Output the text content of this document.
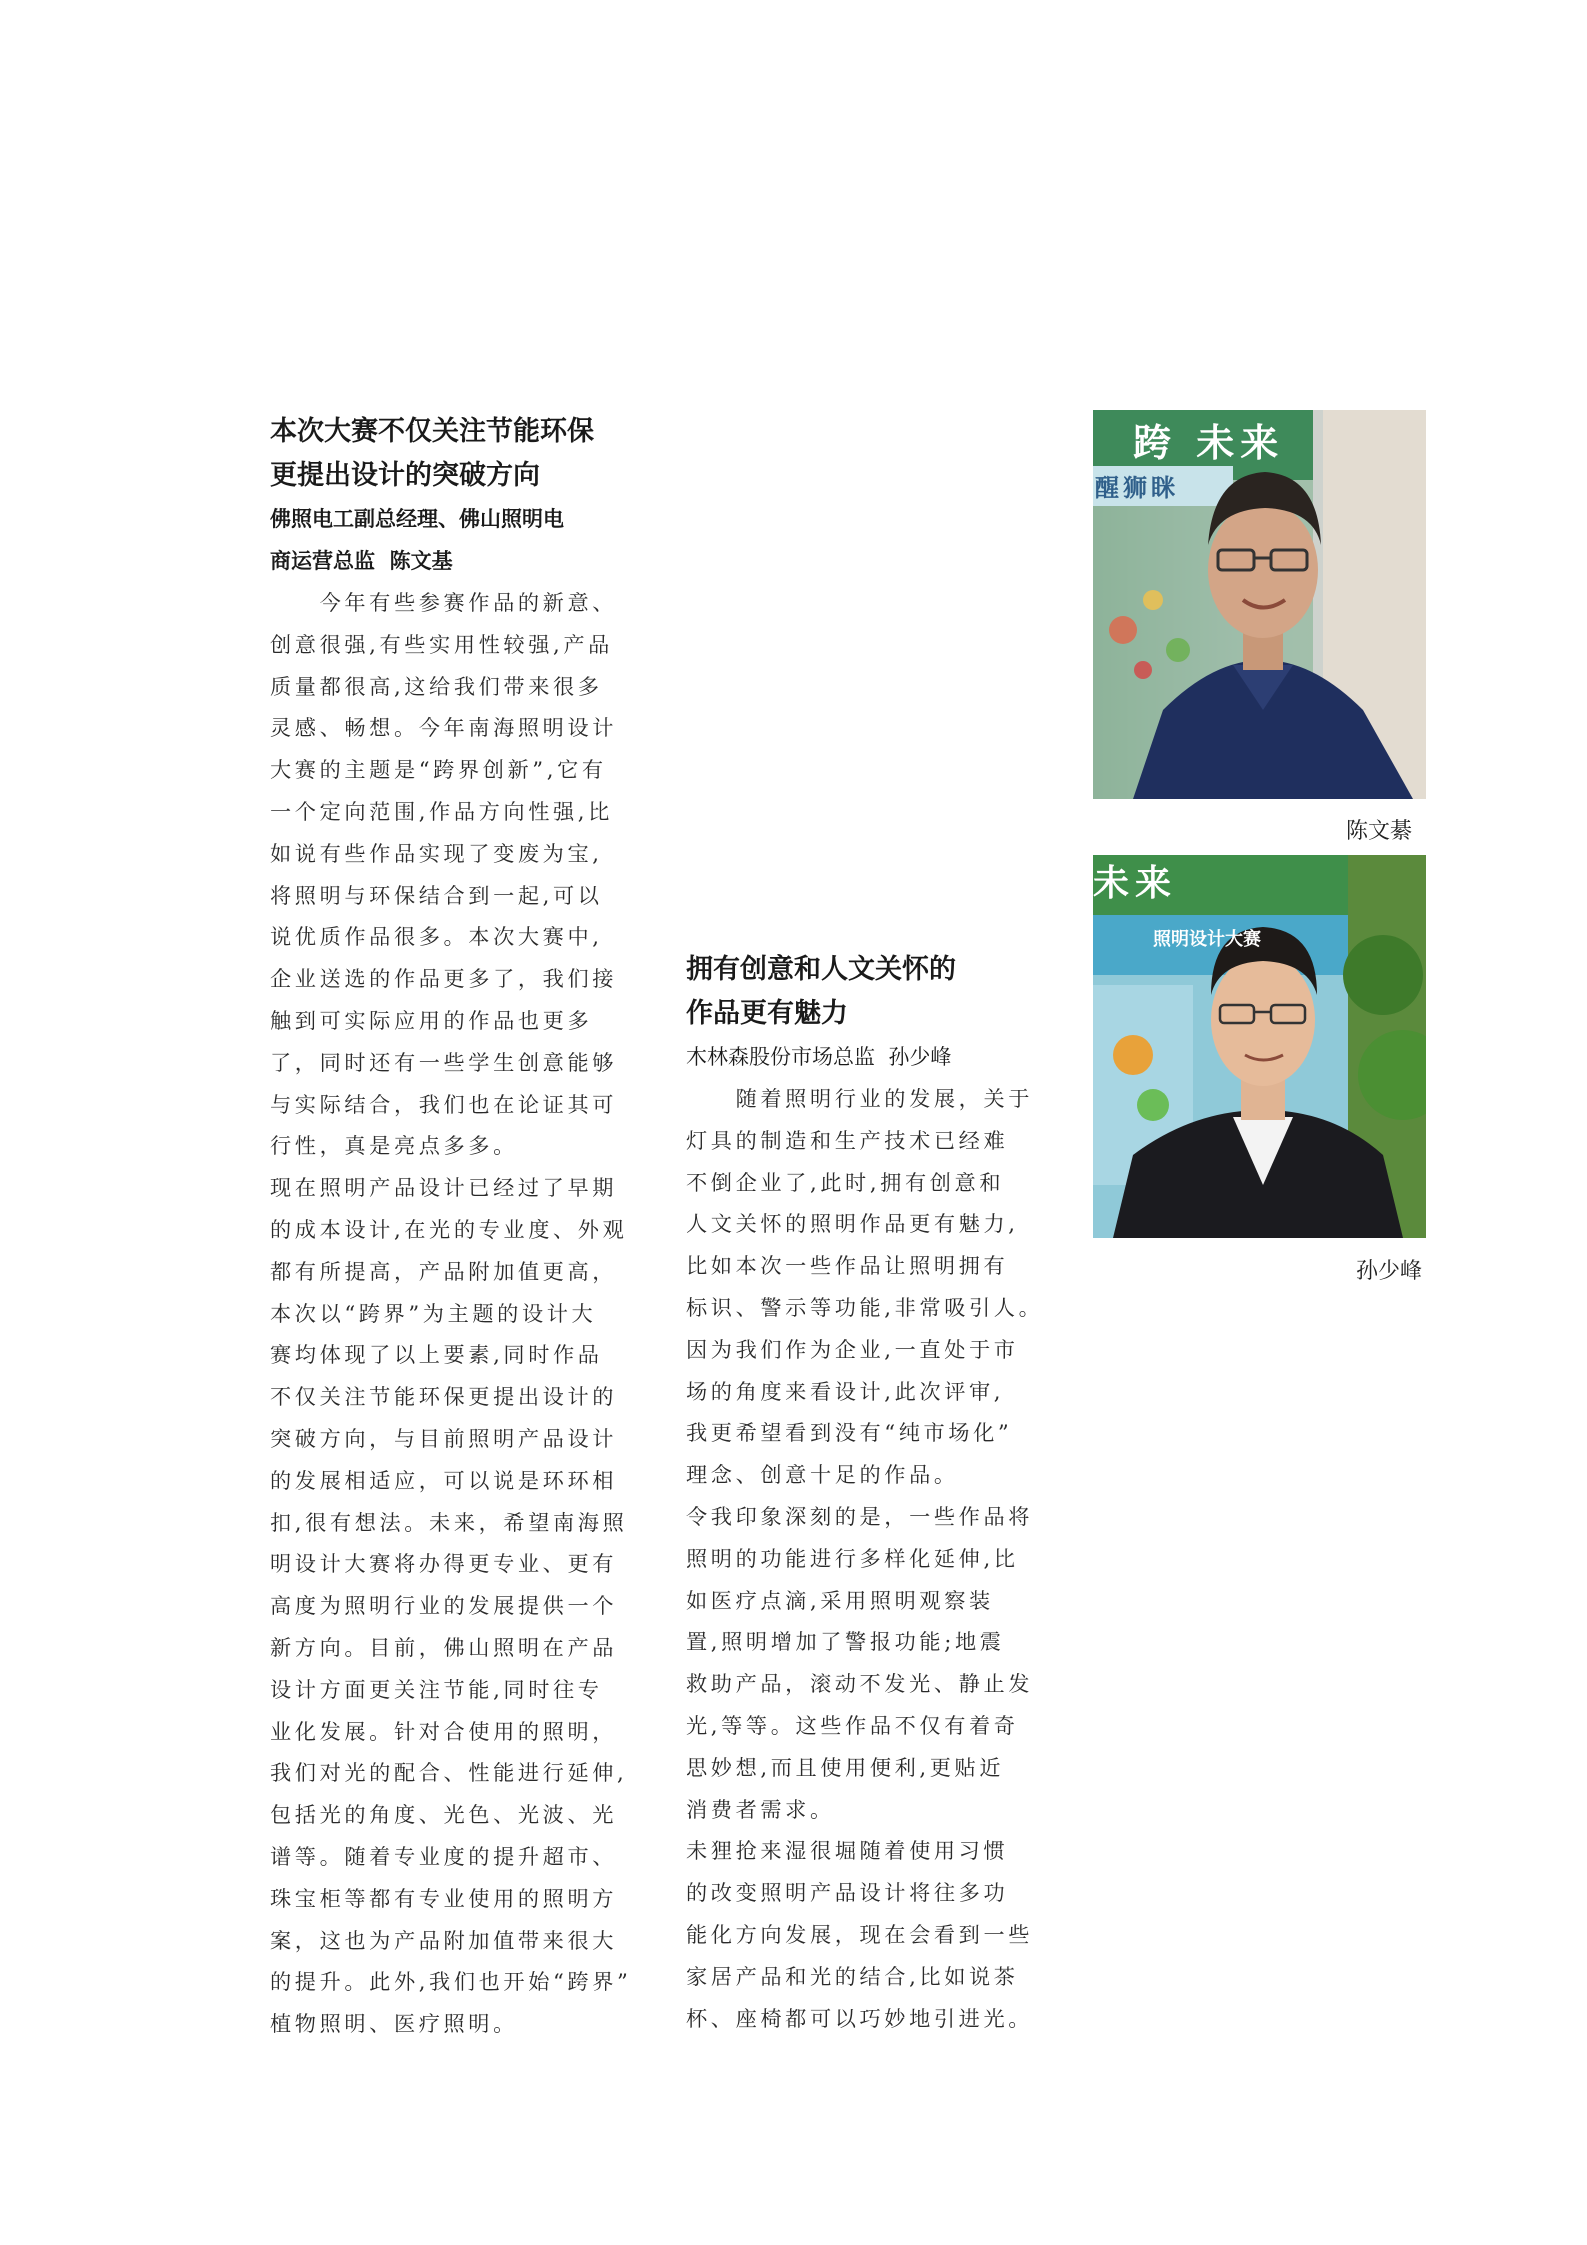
本次大赛不仅关注节能环保
更提出设计的突破方向

佛照电工副总经理、佛山照明电
商运营总监  陈文基

　　今年有些参赛作品的新意、
创意很强,有些实用性较强,产品
质量都很高,这给我们带来很多
灵感、畅想。今年南海照明设计
大赛的主题是“跨界创新”,它有
一个定向范围,作品方向性强,比
如说有些作品实现了变废为宝,
将照明与环保结合到一起,可以
说优质作品很多。本次大赛中,
企业送选的作品更多了，我们接
触到可实际应用的作品也更多
了，同时还有一些学生创意能够
与实际结合，我们也在论证其可
行性，真是亮点多多。
现在照明产品设计已经过了早期
的成本设计,在光的专业度、外观
都有所提高，产品附加值更高，
本次以“跨界”为主题的设计大
赛均体现了以上要素,同时作品
不仅关注节能环保更提出设计的
突破方向，与目前照明产品设计
的发展相适应，可以说是环环相
扣,很有想法。未来，希望南海照
明设计大赛将办得更专业、更有
高度为照明行业的发展提供一个
新方向。目前，佛山照明在产品
设计方面更关注节能,同时往专
业化发展。针对合使用的照明，
我们对光的配合、性能进行延伸,
包括光的角度、光色、光波、光
谱等。随着专业度的提升超市、
珠宝柜等都有专业使用的照明方
案，这也为产品附加值带来很大
的提升。此外,我们也开始“跨界”
植物照明、医疗照明。

拥有创意和人文关怀的
作品更有魅力

木林森股份市场总监  孙少峰

　　随着照明行业的发展，关于
灯具的制造和生产技术已经难
不倒企业了,此时,拥有创意和
人文关怀的照明作品更有魅力,
比如本次一些作品让照明拥有
标识、警示等功能,非常吸引人。
因为我们作为企业,一直处于市
场的角度来看设计,此次评审,
我更希望看到没有“纯市场化”
理念、创意十足的作品。
令我印象深刻的是，一些作品将
照明的功能进行多样化延伸,比
如医疗点滴,采用照明观察装
置,照明增加了警报功能;地震
救助产品，滚动不发光、静止发
光,等等。这些作品不仅有着奇
思妙想,而且使用便利,更贴近
消费者需求。
未狸抢来湿很堀随着使用习惯
的改变照明产品设计将往多功
能化方向发展，现在会看到一些
家居产品和光的结合,比如说茶
杯、座椅都可以巧妙地引进光。
跨 未来
醒狮眯
陈文綦
未来
照明设计大赛
孙少峰
